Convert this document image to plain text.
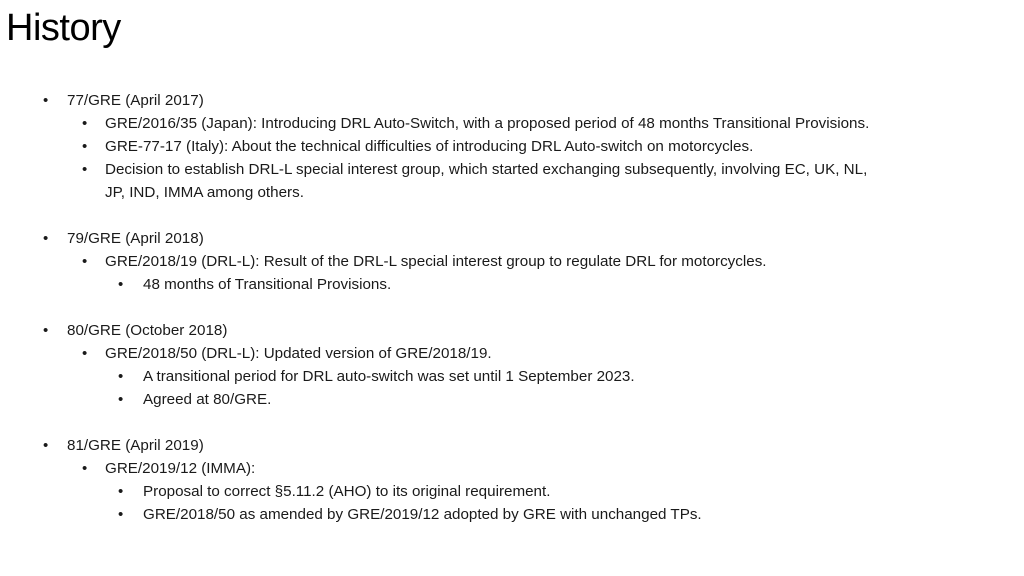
History
• 77/GRE (April 2017)
• GRE/2016/35 (Japan): Introducing DRL Auto-Switch, with a proposed period of 48 months Transitional Provisions.
• GRE-77-17 (Italy): About the technical difficulties of introducing DRL Auto-switch on motorcycles.
• Decision to establish DRL-L special interest group, which started exchanging subsequently, involving EC, UK, NL,
JP, IND, IMMA among others.
• 79/GRE (April 2018)
• GRE/2018/19 (DRL-L): Result of the DRL-L special interest group to regulate DRL for motorcycles.
• 48 months of Transitional Provisions.
• 80/GRE (October 2018)
• GRE/2018/50 (DRL-L): Updated version of GRE/2018/19.
• A transitional period for DRL auto-switch was set until 1 September 2023.
• Agreed at 80/GRE.
• 81/GRE (April 2019)
• GRE/2019/12 (IMMA):
• Proposal to correct §5.11.2 (AHO) to its original requirement.
• GRE/2018/50 as amended by GRE/2019/12 adopted by GRE with unchanged TPs.
